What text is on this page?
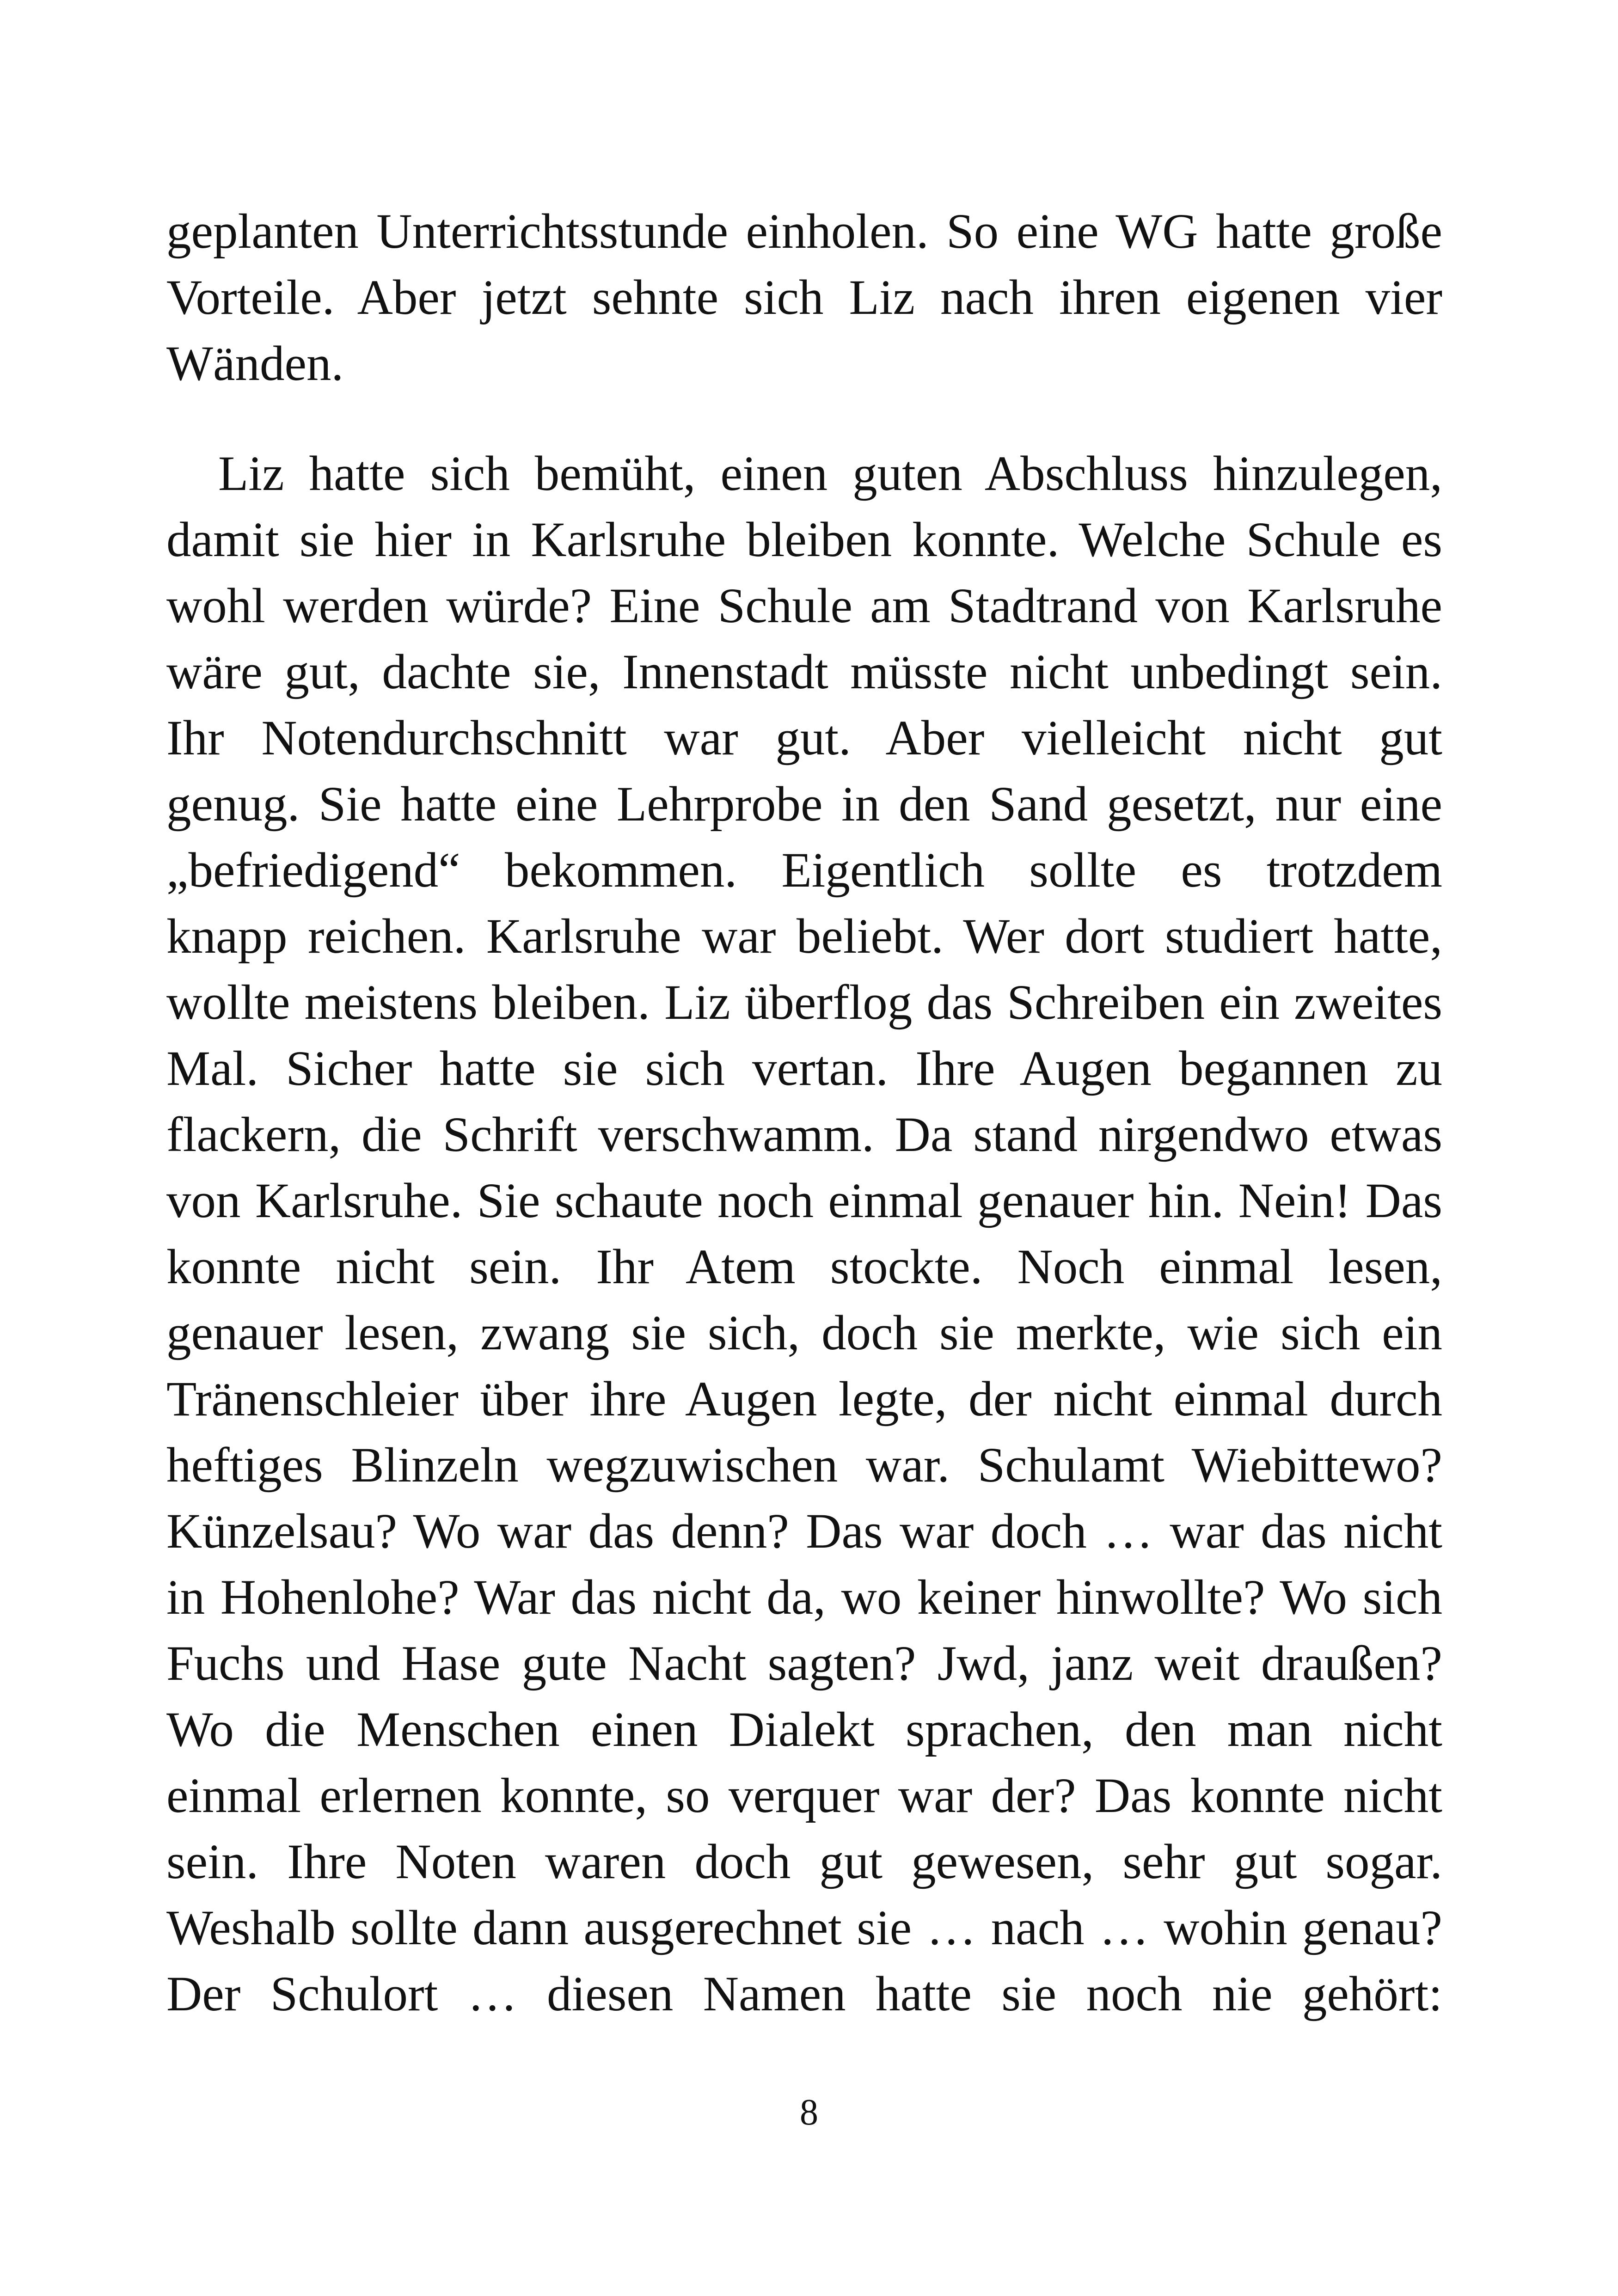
geplanten Unterrichtsstunde einholen. So eine WG hatte große
Vorteile. Aber jetzt sehnte sich Liz nach ihren eigenen vier
Wänden.

Liz hatte sich bemüht, einen guten Abschluss hinzulegen,
damit sie hier in Karlsruhe bleiben konnte. Welche Schule es
wohl werden würde? Eine Schule am Stadtrand von Karlsruhe
wäre gut, dachte sie, Innenstadt müsste nicht unbedingt sein.
Ihr Notendurchschnitt war gut. Aber vielleicht nicht gut
genug. Sie hatte eine Lehrprobe in den Sand gesetzt, nur eine
„befriedigend“ bekommen. Eigentlich sollte es trotzdem
knapp reichen. Karlsruhe war beliebt. Wer dort studiert hatte,
wollte meistens bleiben. Liz überflog das Schreiben ein zweites
Mal. Sicher hatte sie sich vertan. Ihre Augen begannen zu
flackern, die Schrift verschwamm. Da stand nirgendwo etwas
von Karlsruhe. Sie schaute noch einmal genauer hin. Nein! Das
konnte nicht sein. Ihr Atem stockte. Noch einmal lesen,
genauer lesen, zwang sie sich, doch sie merkte, wie sich ein
Tränenschleier über ihre Augen legte, der nicht einmal durch
heftiges Blinzeln wegzuwischen war. Schulamt Wiebittewo?
Künzelsau? Wo war das denn? Das war doch … war das nicht
in Hohenlohe? War das nicht da, wo keiner hinwollte? Wo sich
Fuchs und Hase gute Nacht sagten? Jwd, janz weit draußen?
Wo die Menschen einen Dialekt sprachen, den man nicht
einmal erlernen konnte, so verquer war der? Das konnte nicht
sein. Ihre Noten waren doch gut gewesen, sehr gut sogar.
Weshalb sollte dann ausgerechnet sie … nach … wohin genau?
Der Schulort … diesen Namen hatte sie noch nie gehört:

8
